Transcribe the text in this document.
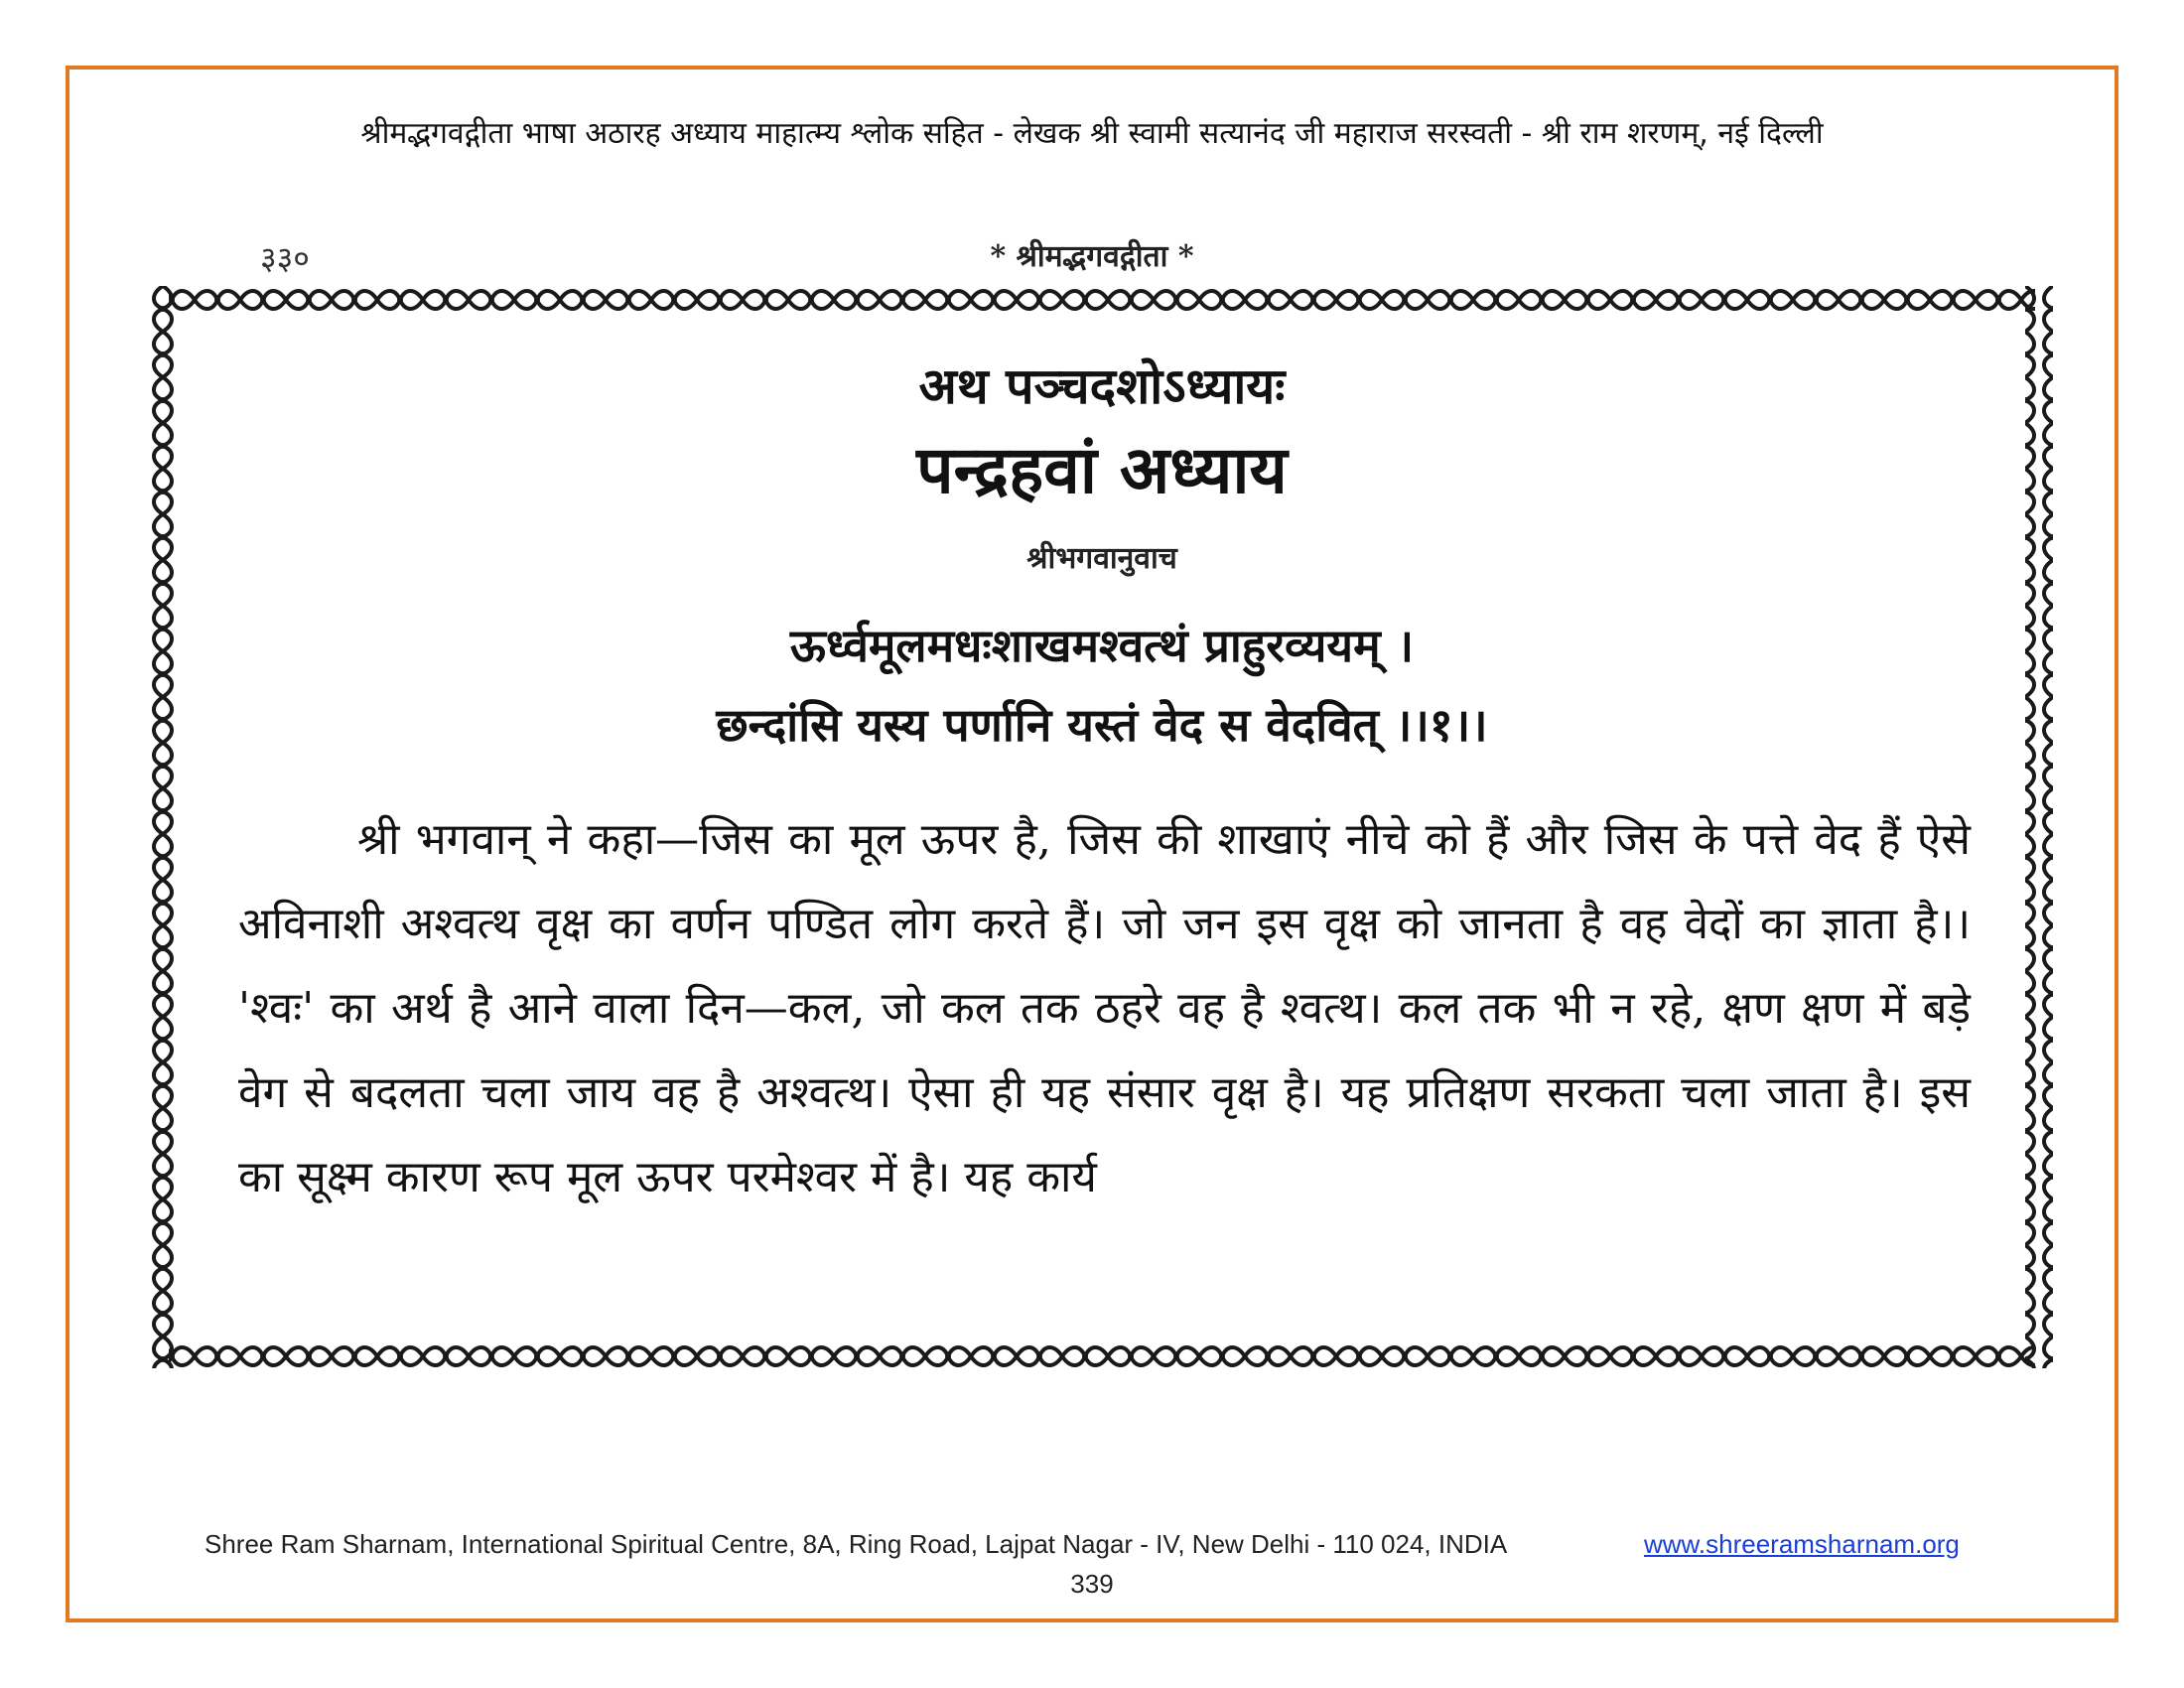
श्रीमद्भगवद्गीता भाषा अठारह अध्याय माहात्म्य श्लोक सहित - लेखक श्री स्वामी सत्यानंद जी महाराज सरस्वती - श्री राम शरणम्, नई दिल्ली
३३०	* श्रीमद्भगवद्गीता *
अथ पञ्चदशोऽध्यायः
पन्द्रहवां अध्याय
श्रीभगवानुवाच
ऊर्ध्वमूलमधःशाखमश्वत्थं प्राहुरव्ययम् ।
छन्दांसि यस्य पर्णानि यस्तं वेद स वेदवित् ।।१।।
श्री भगवान् ने कहा—जिस का मूल ऊपर है, जिस की शाखाएं नीचे को हैं और जिस के पत्ते वेद हैं ऐसे अविनाशी अश्वत्थ वृक्ष का वर्णन पण्डित लोग करते हैं। जो जन इस वृक्ष को जानता है वह वेदों का ज्ञाता है।। 'श्वः' का अर्थ है आने वाला दिन—कल, जो कल तक ठहरे वह है श्वत्थ। कल तक भी न रहे, क्षण क्षण में बड़े वेग से बदलता चला जाय वह है अश्वत्थ। ऐसा ही यह संसार वृक्ष है। यह प्रतिक्षण सरकता चला जाता है। इस का सूक्ष्म कारण रूप मूल ऊपर परमेश्वर में है। यह कार्य
Shree Ram Sharnam, International Spiritual Centre, 8A, Ring Road, Lajpat Nagar - IV, New Delhi - 110 024, INDIA	www.shreeramsharnam.org
339
